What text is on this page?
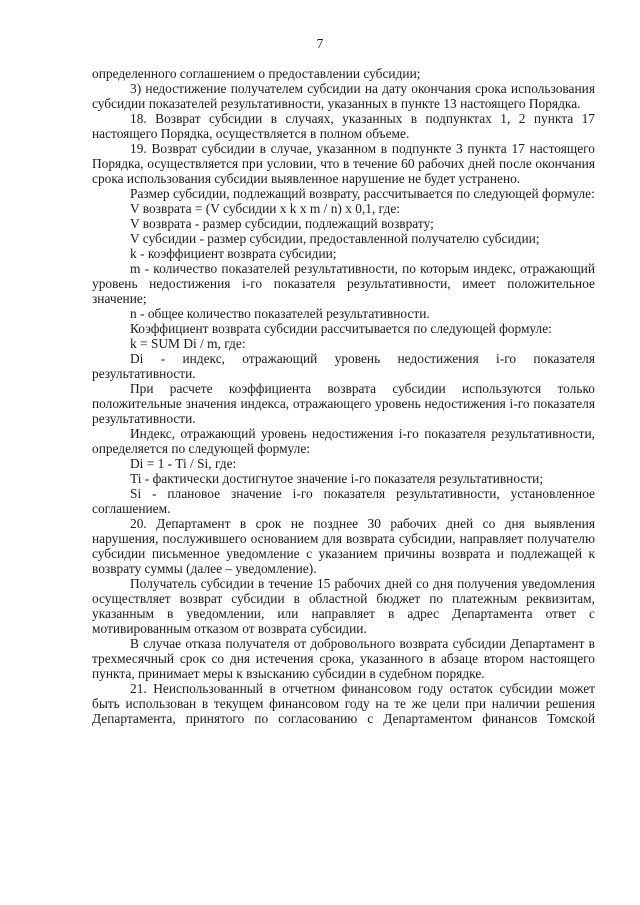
7

определенного соглашением о предоставлении субсидии;

3) недостижение получателем субсидии на дату окончания срока использования субсидии показателей результативности, указанных в пункте 13 настоящего Порядка.

18. Возврат субсидии в случаях, указанных в подпунктах 1, 2 пункта 17 настоящего Порядка, осуществляется в полном объеме.

19. Возврат субсидии в случае, указанном в подпункте 3 пункта 17 настоящего Порядка, осуществляется при условии, что в течение 60 рабочих дней после окончания срока использования субсидии выявленное нарушение не будет устранено.

Размер субсидии, подлежащий возврату, рассчитывается по следующей формуле:

V возврата = (V субсидии x k x m / n) x 0,1, где:

V возврата - размер субсидии, подлежащий возврату;

V субсидии - размер субсидии, предоставленной получателю субсидии;

k - коэффициент возврата субсидии;

m - количество показателей результативности, по которым индекс, отражающий уровень недостижения i-го показателя результативности, имеет положительное значение;

n - общее количество показателей результативности.

Коэффициент возврата субсидии рассчитывается по следующей формуле:

k = SUM Di / m, где:

Di - индекс, отражающий уровень недостижения i-го показателя результативности.

При расчете коэффициента возврата субсидии используются только положительные значения индекса, отражающего уровень недостижения i-го показателя результативности.

Индекс, отражающий уровень недостижения i-го показателя результативности, определяется по следующей формуле:

Di = 1 - Ti / Si, где:

Ti - фактически достигнутое значение i-го показателя результативности;

Si - плановое значение i-го показателя результативности, установленное соглашением.

20. Департамент в срок не позднее 30 рабочих дней со дня выявления нарушения, послужившего основанием для возврата субсидии, направляет получателю субсидии письменное уведомление с указанием причины возврата и подлежащей к возврату суммы (далее – уведомление).

Получатель субсидии в течение 15 рабочих дней со дня получения уведомления осуществляет возврат субсидии в областной бюджет по платежным реквизитам, указанным в уведомлении, или направляет в адрес Департамента ответ с мотивированным отказом от возврата субсидии.

В случае отказа получателя от добровольного возврата субсидии Департамент в трехмесячный срок со дня истечения срока, указанного в абзаце втором настоящего пункта, принимает меры к взысканию субсидии в судебном порядке.

21. Неиспользованный в отчетном финансовом году остаток субсидии может быть использован в текущем финансовом году на те же цели при наличии решения Департамента, принятого по согласованию с Департаментом финансов Томской
